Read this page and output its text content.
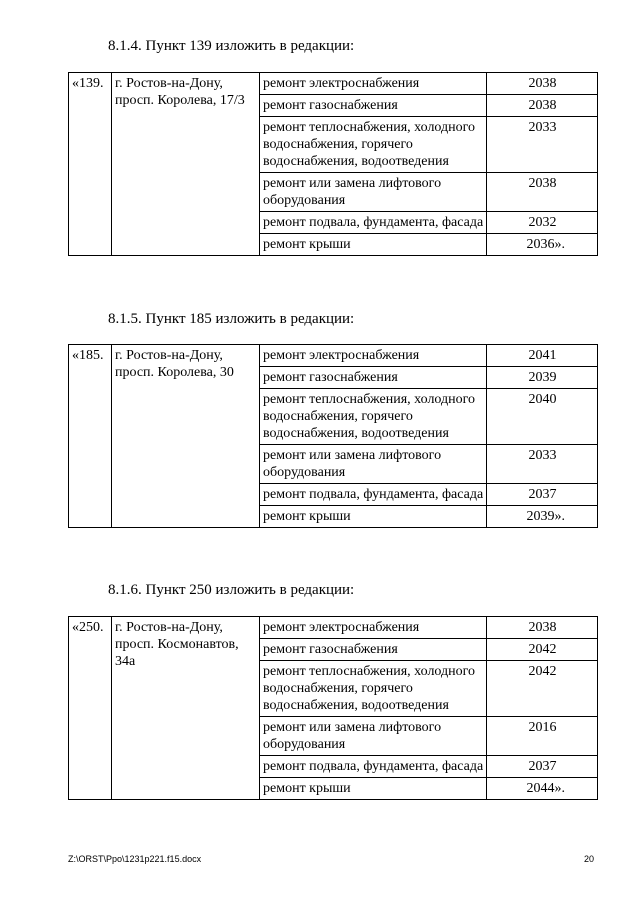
8.1.4. Пункт 139 изложить в редакции:
«139.	г. Ростов-на-Дону, просп. Королева, 17/3	ремонт электроснабжения	2038
		ремонт газоснабжения	2038
		ремонт теплоснабжения, холодного водоснабжения, горячего водоснабжения, водоотведения	2033
		ремонт или замена лифтового оборудования	2038
		ремонт подвала, фундамента, фасада	2032
		ремонт крыши	2036».
8.1.5. Пункт 185 изложить в редакции:
«185.	г. Ростов-на-Дону, просп. Королева, 30	ремонт электроснабжения	2041
		ремонт газоснабжения	2039
		ремонт теплоснабжения, холодного водоснабжения, горячего водоснабжения, водоотведения	2040
		ремонт или замена лифтового оборудования	2033
		ремонт подвала, фундамента, фасада	2037
		ремонт крыши	2039».
8.1.6. Пункт 250 изложить в редакции:
«250.	г. Ростов-на-Дону, просп. Космонавтов, 34а	ремонт электроснабжения	2038
		ремонт газоснабжения	2042
		ремонт теплоснабжения, холодного водоснабжения, горячего водоснабжения, водоотведения	2042
		ремонт или замена лифтового оборудования	2016
		ремонт подвала, фундамента, фасада	2037
		ремонт крыши	2044».
Z:\ORST\Ppo\1231p221.f15.docx	20
